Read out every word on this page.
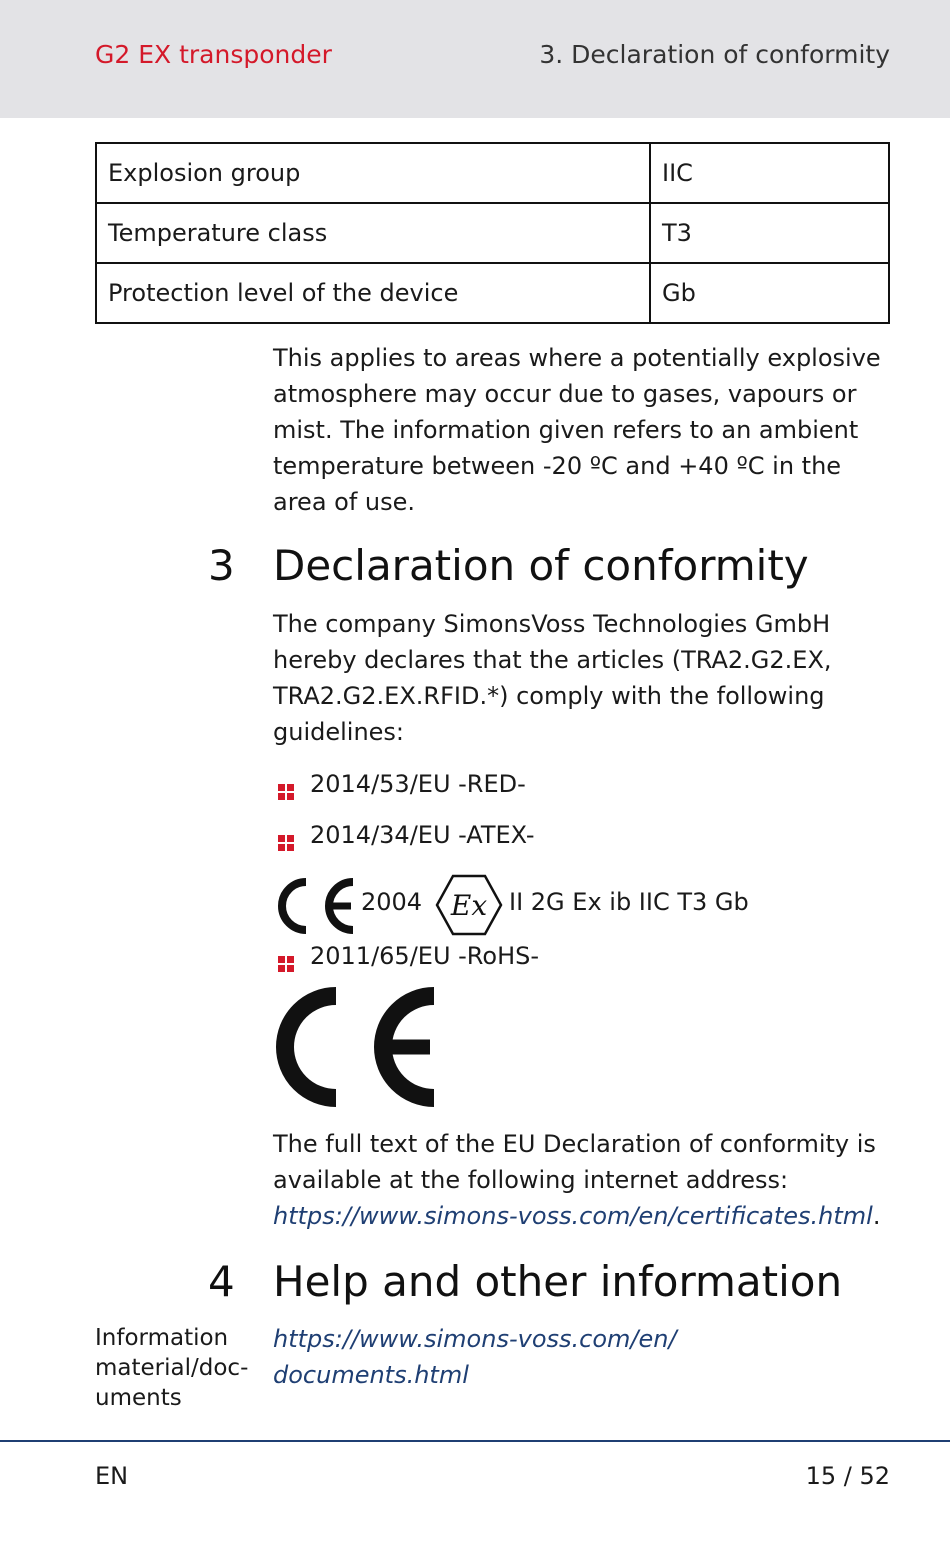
G2 EX transponder	3. Declaration of conformity
Explosion group	IIC
Temperature class	T3
Protection level of the device	Gb

This applies to areas where a potentially explosive atmosphere may occur due to gases, vapours or mist. The information given refers to an ambient temperature between -20 ºC and +40 ºC in the area of use.

3 Declaration of conformity

The company SimonsVoss Technologies GmbH hereby declares that the articles (TRA2.G2.EX, TRA2.G2.EX.RFID.*) comply with the following guidelines:

2014/53/EU -RED-
2014/34/EU -ATEX-
2004 Ex II 2G Ex ib IIC T3 Gb
2011/65/EU -RoHS-

The full text of the EU Declaration of conformity is available at the following internet address: https://www.simons-voss.com/en/certificates.html.

4 Help and other information
Information
material/doc-
uments
https://www.simons-voss.com/en/
documents.html
EN	15 / 52
